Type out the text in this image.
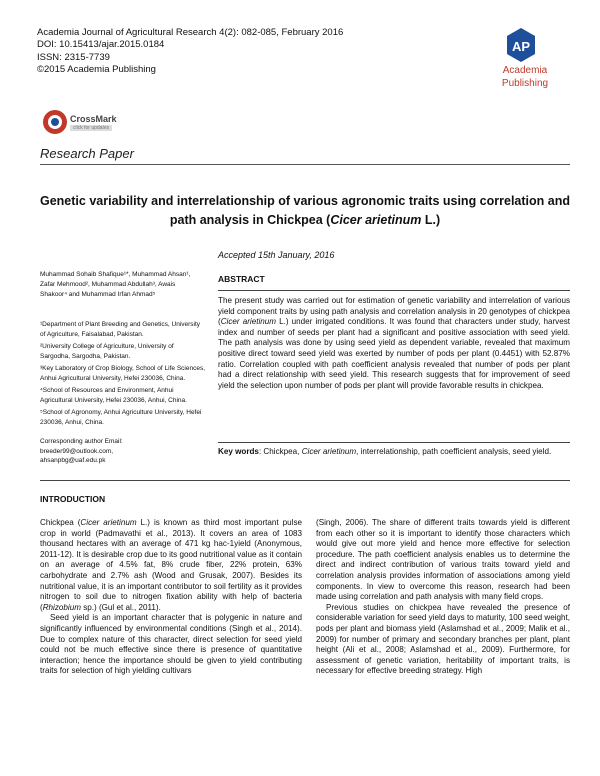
Academia Journal of Agricultural Research 4(2): 082-085, February 2016
DOI: 10.15413/ajar.2015.0184
ISSN: 2315-7739
©2015 Academia Publishing
AP
Academia
Publishing
CrossMark
click for updates
Research Paper
Genetic variability and interrelationship of various agronomic traits using correlation and path analysis in Chickpea (Cicer arietinum L.)
Accepted 15th January, 2016
Muhammad Sohaib Shafique¹*, Muhammad Ahsan¹, Zafar Mehmood², Muhammad Abdullah³, Awais Shakoor⁴ and Muhammad Irfan Ahmad⁵

¹Department of Plant Breeding and Genetics, University of Agriculture, Faisalabad, Pakistan.

²University College of Agriculture, University of Sargodha, Sargodha, Pakistan.

³Key Laboratory of Crop Biology, School of Life Sciences, Anhui Agricultural University, Hefei 230036, China.

⁴School of Resources and Environment, Anhui Agricultural University, Hefei 230036, Anhui, China.

⁵School of Agronomy, Anhui Agriculture University, Hefei 230036, Anhui, China.

Corresponding author Email:
breeder99@outlook.com,
ahsanpbg@uaf.edu.pk
ABSTRACT
The present study was carried out for estimation of genetic variability and interrelation of various yield component traits by using path analysis and correlation analysis in 20 genotypes of chickpea (Cicer arietinum L.) under irrigated conditions. It was found that characters under study, harvest index and number of seeds per plant had a significant and positive association with seed yield. The path analysis was done by using seed yield as dependent variable, revealed that maximum positive direct toward seed yield was exerted by number of pods per plant (0.4451) with 52.87% ratio. Correlation coupled with path coefficient analysis revealed that number of pods per plant had a direct relationship with seed yield. This research suggests that for improvement of seed yield the selection upon number of pods per plant will provide favorable results in chickpea.
Key words: Chickpea, Cicer arietinum, interrelationship, path coefficient analysis, seed yield.
INTRODUCTION

Chickpea (Cicer arietinum L.) is known as third most important pulse crop in world (Padmavathi et al., 2013). It covers an area of 1083 thousand hectares with an average of 471 kg hac-1yield (Anonymous, 2011-12). It is desirable crop due to its good nutritional value as it contain on an average of 4.5% fat, 8% crude fiber, 22% protein, 63% carbohydrate and 2.7% ash (Wood and Grusak, 2007). Besides its nutritional value, it is an important contributor to soil fertility as it provides nitrogen to soil due to nitrogen fixation ability with help of bacteria (Rhizobium sp.) (Gul et al., 2011).

Seed yield is an important character that is polygenic in nature and significantly influenced by environmental conditions (Singh et al., 2014). Due to complex nature of this character, direct selection for seed yield could not be much effective since there is presence of quantitative interaction; hence the importance should be given to yield contributing traits for selection of high yielding cultivars

(Singh, 2006). The share of different traits towards yield is different from each other so it is important to identify those characters which would give out more yield and hence more effective for selection procedure. The path coefficient analysis enables us to determine the direct and indirect contribution of various traits toward yield and correlation analysis provides information of associations among yield components. In view to overcome this reason, research had been made using correlation and path analysis with many field crops.

Previous studies on chickpea have revealed the presence of considerable variation for seed yield days to maturity, 100 seed weight, pods per plant and biomass yield (Aslamshad et al., 2009; Malik et al., 2009) for number of primary and secondary branches per plant, plant height (Ali et al., 2008; Aslamshad et al., 2009). Furthermore, for assessment of genetic variation, heritability of important traits, is necessary for effective breeding strategy. High
